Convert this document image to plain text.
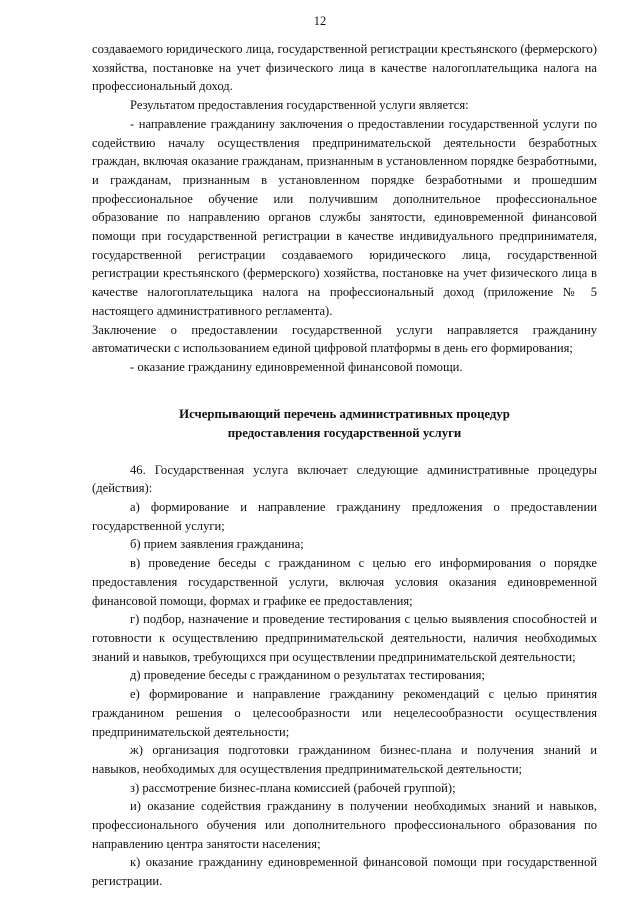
12

создаваемого юридического лица, государственной регистрации крестьянского (фермерского) хозяйства, постановке на учет физического лица в качестве налогоплательщика налога на профессиональный доход.

Результатом предоставления государственной услуги является:

- направление гражданину заключения о предоставлении государственной услуги по содействию началу осуществления предпринимательской деятельности безработных граждан, включая оказание гражданам, признанным в установленном порядке безработными, и гражданам, признанным в установленном порядке безработными и прошедшим профессиональное обучение или получившим дополнительное профессиональное образование по направлению органов службы занятости, единовременной финансовой помощи при государственной регистрации в качестве индивидуального предпринимателя, государственной регистрации создаваемого юридического лица, государственной регистрации крестьянского (фермерского) хозяйства, постановке на учет физического лица в качестве налогоплательщика налога на профессиональный доход (приложение № 5 настоящего административного регламента).

Заключение о предоставлении государственной услуги направляется гражданину автоматически с использованием единой цифровой платформы в день его формирования;

- оказание гражданину единовременной финансовой помощи.

Исчерпывающий перечень административных процедур
предоставления государственной услуги

46. Государственная услуга включает следующие административные процедуры (действия):

а) формирование и направление гражданину предложения о предоставлении государственной услуги;

б) прием заявления гражданина;

в) проведение беседы с гражданином с целью его информирования о порядке предоставления государственной услуги, включая условия оказания единовременной финансовой помощи, формах и графике ее предоставления;

г) подбор, назначение и проведение тестирования с целью выявления способностей и готовности к осуществлению предпринимательской деятельности, наличия необходимых знаний и навыков, требующихся при осуществлении предпринимательской деятельности;

д) проведение беседы с гражданином о результатах тестирования;

е) формирование и направление гражданину рекомендаций с целью принятия гражданином решения о целесообразности или нецелесообразности осуществления предпринимательской деятельности;

ж) организация подготовки гражданином бизнес-плана и получения знаний и навыков, необходимых для осуществления предпринимательской деятельности;

з) рассмотрение бизнес-плана комиссией (рабочей группой);

и) оказание содействия гражданину в получении необходимых знаний и навыков, профессионального обучения или дополнительного профессионального образования по направлению центра занятости населения;

к) оказание гражданину единовременной финансовой помощи при государственной регистрации.
